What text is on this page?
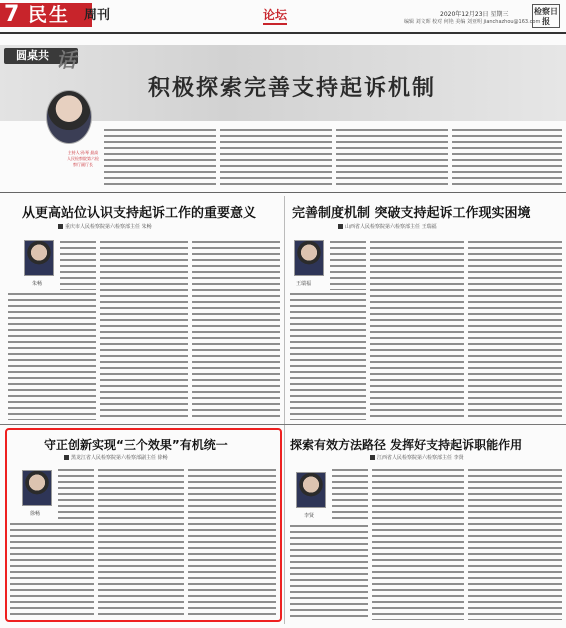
7 民生 周刊	论坛	2020年12月23日 星期三
编辑 刘文晖 校对 何艳 美编 刘亚明 jianchazhou@163.com
检察日报
圆桌共 话
积极探索完善支持起诉机制
主持人:孙琴 最高人民检察院第六检察厅副厅长
从更高站位认识支持起诉工作的重要意义
重庆市人民检察院第六检察部主任 朱畅
朱畅
完善制度机制 突破支持起诉工作现实困境
山西省人民检察院第六检察部主任 王瑞福
王瑞福
守正创新实现“三个效果”有机统一
黑龙江省人民检察院第六检察部副主任 徐畅
徐畅
探索有效方法路径 发挥好支持起诉职能作用
江西省人民检察院第六检察部主任 李贤
李贤
